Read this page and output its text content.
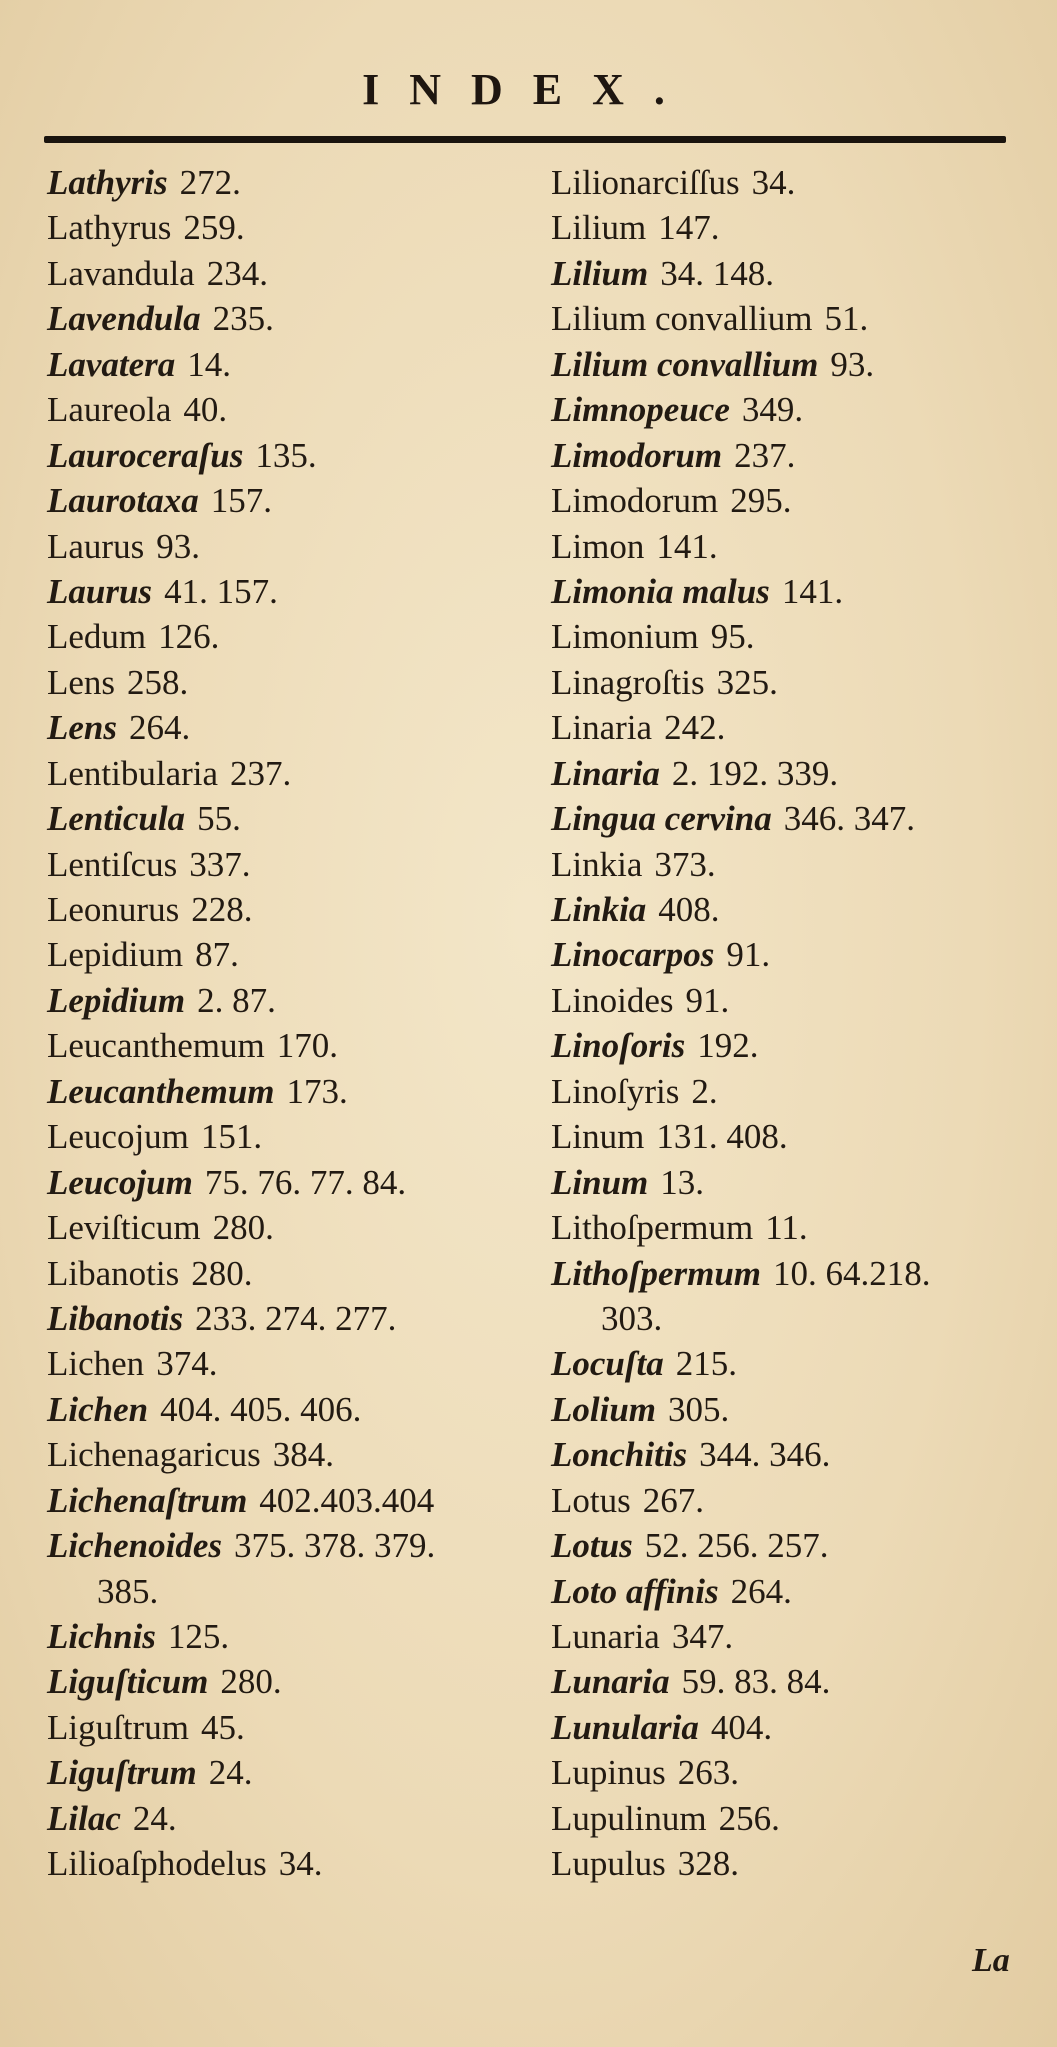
INDEX.
Lathyris 272.
Lathyrus 259.
Lavandula 234.
Lavendula 235.
Lavatera 14.
Laureola 40.
Lauroceraſus 135.
Laurotaxa 157.
Laurus 93.
Laurus 41. 157.
Ledum 126.
Lens 258.
Lens 264.
Lentibularia 237.
Lenticula 55.
Lentiſcus 337.
Leonurus 228.
Lepidium 87.
Lepidium 2. 87.
Leucanthemum 170.
Leucanthemum 173.
Leucojum 151.
Leucojum 75. 76. 77. 84.
Leviſticum 280.
Libanotis 280.
Libanotis 233. 274. 277.
Lichen 374.
Lichen 404. 405. 406.
Lichenagaricus 384.
Lichenaſtrum 402.403.404
Lichenoides 375. 378. 379.
385.
Lichnis 125.
Liguſticum 280.
Liguſtrum 45.
Liguſtrum 24.
Lilac 24.
Lilioaſphodelus 34.
Lilionarciſſus 34.
Lilium 147.
Lilium 34. 148.
Lilium convallium 51.
Lilium convallium 93.
Limnopeuce 349.
Limodorum 237.
Limodorum 295.
Limon 141.
Limonia malus 141.
Limonium 95.
Linagroſtis 325.
Linaria 242.
Linaria 2. 192. 339.
Lingua cervina 346. 347.
Linkia 373.
Linkia 408.
Linocarpos 91.
Linoides 91.
Linoſoris 192.
Linoſyris 2.
Linum 131. 408.
Linum 13.
Lithoſpermum 11.
Lithoſpermum 10. 64.218.
303.
Locuſta 215.
Lolium 305.
Lonchitis 344. 346.
Lotus 267.
Lotus 52. 256. 257.
Loto affinis 264.
Lunaria 347.
Lunaria 59. 83. 84.
Lunularia 404.
Lupinus 263.
Lupulinum 256.
Lupulus 328.
La
